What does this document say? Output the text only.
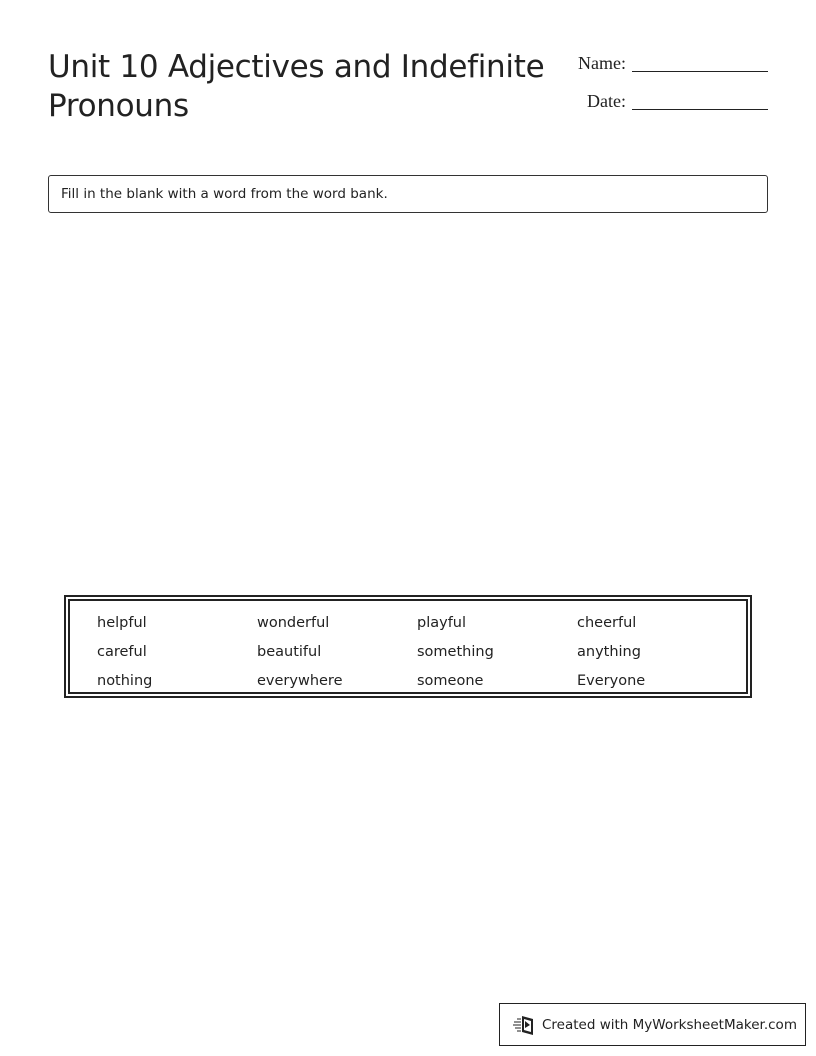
Unit 10 Adjectives and Indefinite Pronouns
Name:
Date:
Fill in the blank with a word from the word bank.
helpful	wonderful	playful	cheerful
careful	beautiful	something	anything
nothing	everywhere	someone	Everyone
Created with MyWorksheetMaker.com
